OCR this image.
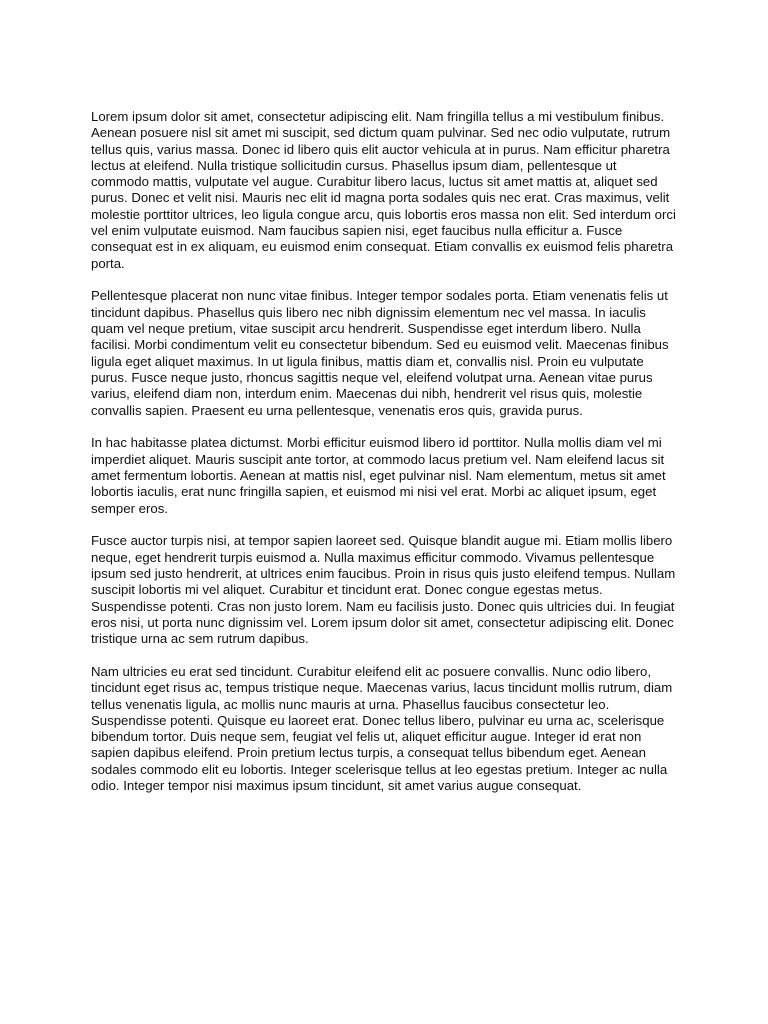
Lorem ipsum dolor sit amet, consectetur adipiscing elit. Nam fringilla tellus a mi vestibulum finibus. Aenean posuere nisl sit amet mi suscipit, sed dictum quam pulvinar. Sed nec odio vulputate, rutrum tellus quis, varius massa. Donec id libero quis elit auctor vehicula at in purus. Nam efficitur pharetra lectus at eleifend. Nulla tristique sollicitudin cursus. Phasellus ipsum diam, pellentesque ut commodo mattis, vulputate vel augue. Curabitur libero lacus, luctus sit amet mattis at, aliquet sed purus. Donec et velit nisi. Mauris nec elit id magna porta sodales quis nec erat. Cras maximus, velit molestie porttitor ultrices, leo ligula congue arcu, quis lobortis eros massa non elit. Sed interdum orci vel enim vulputate euismod. Nam faucibus sapien nisi, eget faucibus nulla efficitur a. Fusce consequat est in ex aliquam, eu euismod enim consequat. Etiam convallis ex euismod felis pharetra porta.

Pellentesque placerat non nunc vitae finibus. Integer tempor sodales porta. Etiam venenatis felis ut tincidunt dapibus. Phasellus quis libero nec nibh dignissim elementum nec vel massa. In iaculis quam vel neque pretium, vitae suscipit arcu hendrerit. Suspendisse eget interdum libero. Nulla facilisi. Morbi condimentum velit eu consectetur bibendum. Sed eu euismod velit. Maecenas finibus ligula eget aliquet maximus. In ut ligula finibus, mattis diam et, convallis nisl. Proin eu vulputate purus. Fusce neque justo, rhoncus sagittis neque vel, eleifend volutpat urna. Aenean vitae purus varius, eleifend diam non, interdum enim. Maecenas dui nibh, hendrerit vel risus quis, molestie convallis sapien. Praesent eu urna pellentesque, venenatis eros quis, gravida purus.

In hac habitasse platea dictumst. Morbi efficitur euismod libero id porttitor. Nulla mollis diam vel mi imperdiet aliquet. Mauris suscipit ante tortor, at commodo lacus pretium vel. Nam eleifend lacus sit amet fermentum lobortis. Aenean at mattis nisl, eget pulvinar nisl. Nam elementum, metus sit amet lobortis iaculis, erat nunc fringilla sapien, et euismod mi nisi vel erat. Morbi ac aliquet ipsum, eget semper eros.

Fusce auctor turpis nisi, at tempor sapien laoreet sed. Quisque blandit augue mi. Etiam mollis libero neque, eget hendrerit turpis euismod a. Nulla maximus efficitur commodo. Vivamus pellentesque ipsum sed justo hendrerit, at ultrices enim faucibus. Proin in risus quis justo eleifend tempus. Nullam suscipit lobortis mi vel aliquet. Curabitur et tincidunt erat. Donec congue egestas metus. Suspendisse potenti. Cras non justo lorem. Nam eu facilisis justo. Donec quis ultricies dui. In feugiat eros nisi, ut porta nunc dignissim vel. Lorem ipsum dolor sit amet, consectetur adipiscing elit. Donec tristique urna ac sem rutrum dapibus.

Nam ultricies eu erat sed tincidunt. Curabitur eleifend elit ac posuere convallis. Nunc odio libero, tincidunt eget risus ac, tempus tristique neque. Maecenas varius, lacus tincidunt mollis rutrum, diam tellus venenatis ligula, ac mollis nunc mauris at urna. Phasellus faucibus consectetur leo. Suspendisse potenti. Quisque eu laoreet erat. Donec tellus libero, pulvinar eu urna ac, scelerisque bibendum tortor. Duis neque sem, feugiat vel felis ut, aliquet efficitur augue. Integer id erat non sapien dapibus eleifend. Proin pretium lectus turpis, a consequat tellus bibendum eget. Aenean sodales commodo elit eu lobortis. Integer scelerisque tellus at leo egestas pretium. Integer ac nulla odio. Integer tempor nisi maximus ipsum tincidunt, sit amet varius augue consequat.
